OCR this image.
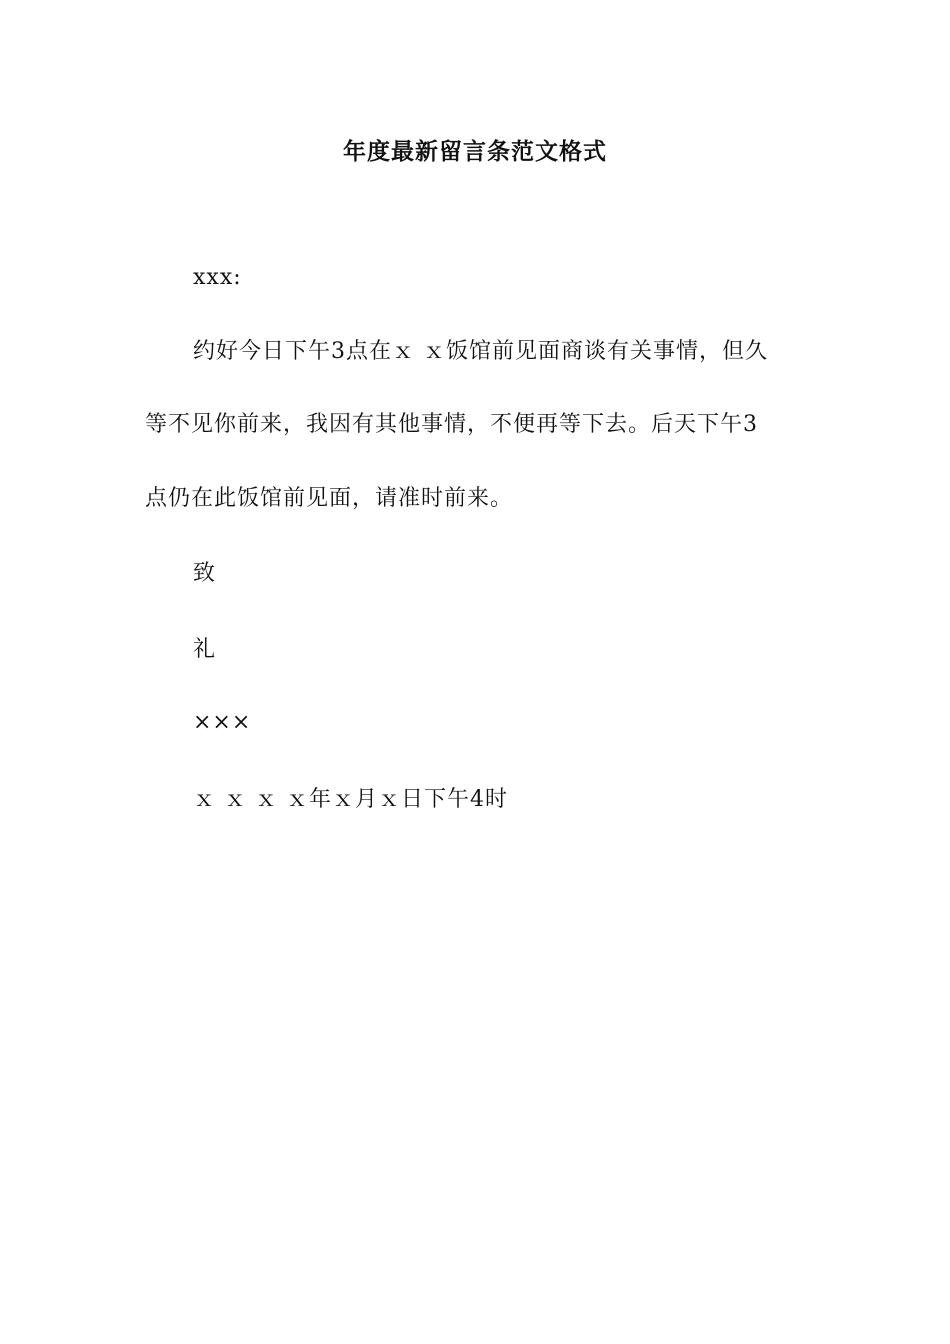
年度最新留言条范文格式
xxx:
约好今日下午3点在ｘ ｘ饭馆前见面商谈有关事情，但久
等不见你前来，我因有其他事情，不便再等下去。后天下午3
点仍在此饭馆前见面，请准时前来。
致
礼
×××
ｘ ｘ ｘ ｘ年ｘ月ｘ日下午4时
